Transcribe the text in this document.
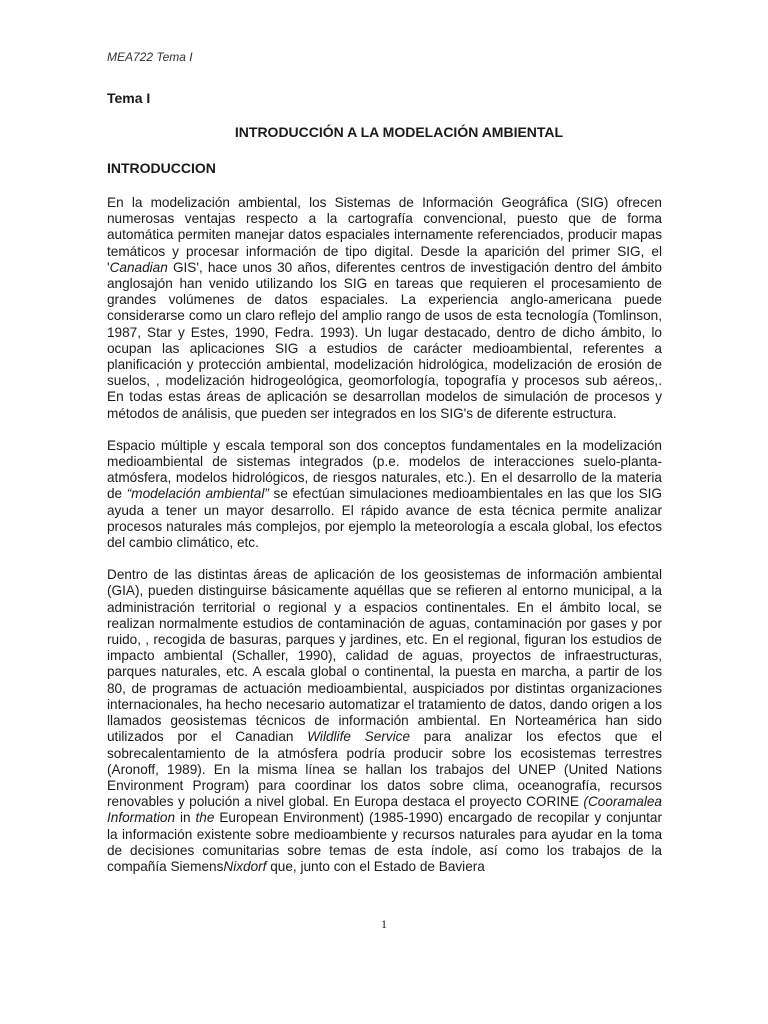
MEA722 Tema I
Tema I
INTRODUCCIÓN A LA MODELACIÓN AMBIENTAL
INTRODUCCION

En la modelización ambiental, los Sistemas de Información Geográfica (SIG) ofrecen numerosas ventajas respecto a la cartografía convencional, puesto que de forma automática permiten manejar datos espaciales internamente referenciados, producir mapas temáticos y procesar información de tipo digital. Desde la aparición del primer SIG, el 'Canadian GIS', hace unos 30 años, diferentes centros de investigación dentro del ámbito anglosajón han venido utilizando los SIG en tareas que requieren el procesamiento de grandes volúmenes de datos espaciales. La experiencia anglo-americana puede considerarse como un claro reflejo del amplio rango de usos de esta tecnología (Tomlinson, 1987, Star y Estes, 1990, Fedra. 1993). Un lugar destacado, dentro de dicho ámbito, lo ocupan las aplicaciones SIG a estudios de carácter medioambiental, referentes a planificación y protección ambiental, modelización hidrológica, modelización de erosión de suelos, , modelización hidrogeológica, geomorfología, topografía y procesos sub aéreos,. En todas estas áreas de aplicación se desarrollan modelos de simulación de procesos y métodos de análisis, que pueden ser integrados en los SIG's de diferente estructura.

Espacio múltiple y escala temporal son dos conceptos fundamentales en la modelización medioambiental de sistemas integrados (p.e. modelos de interacciones suelo-planta-atmósfera, modelos hidrológicos, de riesgos naturales, etc.). En el desarrollo de la materia de “modelación ambiental” se efectúan simulaciones medioambientales en las que los SIG ayuda a tener un mayor desarrollo. El rápido avance de esta técnica permite analizar procesos naturales más complejos, por ejemplo la meteorología a escala global, los efectos del cambio climático, etc.

Dentro de las distintas áreas de aplicación de los geosistemas de información ambiental (GIA), pueden distinguirse básicamente aquéllas que se refieren al entorno municipal, a la administración territorial o regional y a espacios continentales. En el ámbito local, se realizan normalmente estudios de contaminación de aguas, contaminación por gases y por ruido, , recogida de basuras, parques y jardines, etc. En el regional, figuran los estudios de impacto ambiental (Schaller, 1990), calidad de aguas, proyectos de infraestructuras, parques naturales, etc. A escala global o continental, la puesta en marcha, a partir de los 80, de programas de actuación medioambiental, auspiciados por distintas organizaciones internacionales, ha hecho necesario automatizar el tratamiento de datos, dando origen a los llamados geosistemas técnicos de información ambiental. En Norteamérica han sido utilizados por el Canadian Wildlife Service para analizar los efectos que el sobrecalentamiento de la atmósfera podría producir sobre los ecosistemas terrestres (Aronoff, 1989). En la misma línea se hallan los trabajos del UNEP (United Nations Environment Program) para coordinar los datos sobre clima, oceanografía, recursos renovables y polución a nivel global. En Europa destaca el proyecto CORINE (Cooramalea Information in the European Environment) (1985-1990) encargado de recopilar y conjuntar la información existente sobre medioambiente y recursos naturales para ayudar en la toma de decisiones comunitarias sobre temas de esta índole, así como los trabajos de la compañía SiemensNixdorf que, junto con el Estado de Baviera

1
